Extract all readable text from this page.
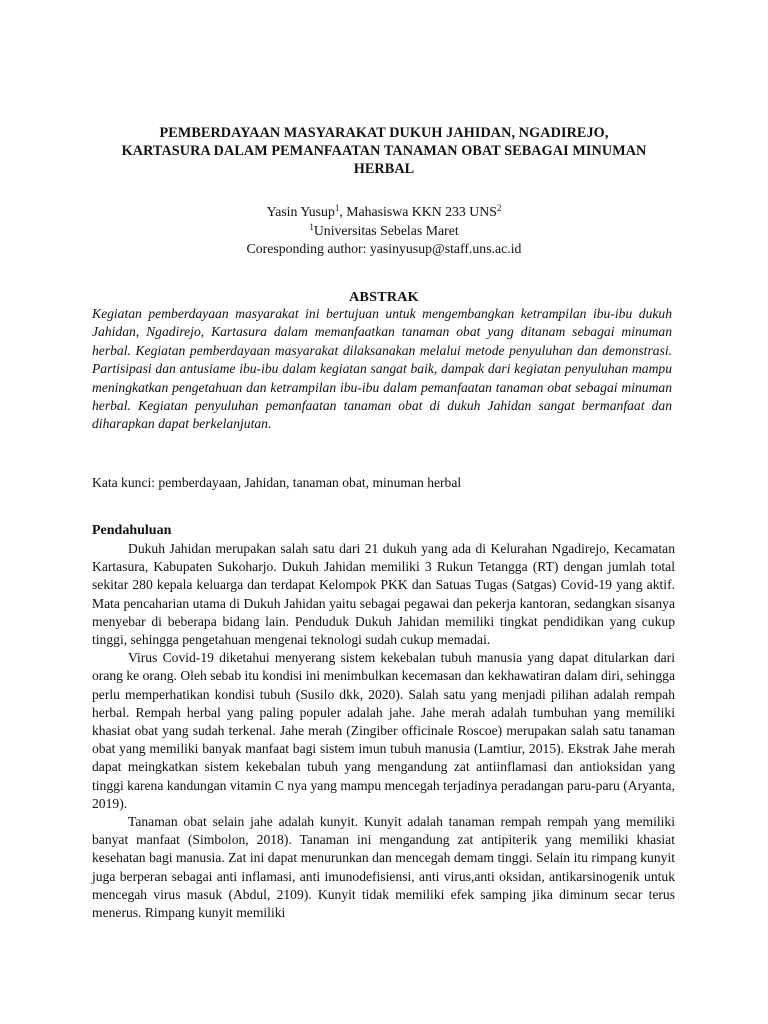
PEMBERDAYAAN MASYARAKAT DUKUH JAHIDAN, NGADIREJO,
KARTASURA DALAM PEMANFAATAN TANAMAN OBAT SEBAGAI MINUMAN
HERBAL
Yasin Yusup$^1$, Mahasiswa KKN 233 UNS$^2$
$^1$Universitas Sebelas Maret
Coresponding author: yasinyusup@staff.uns.ac.id
ABSTRAK

Kegiatan pemberdayaan masyarakat ini bertujuan untuk mengembangkan ketrampilan ibu-ibu dukuh Jahidan, Ngadirejo, Kartasura dalam memanfaatkan tanaman obat yang ditanam sebagai minuman herbal. Kegiatan pemberdayaan masyarakat dilaksanakan melalui metode penyuluhan dan demonstrasi. Partisipasi dan antusiame ibu-ibu dalam kegiatan sangat baik, dampak dari kegiatan penyuluhan mampu meningkatkan pengetahuan dan ketrampilan ibu-ibu dalam pemanfaatan tanaman obat sebagai minuman herbal. Kegiatan penyuluhan pemanfaatan tanaman obat di dukuh Jahidan sangat bermanfaat dan diharapkan dapat berkelanjutan.

Kata kunci: pemberdayaan, Jahidan, tanaman obat, minuman herbal
Pendahuluan

Dukuh Jahidan merupakan salah satu dari 21 dukuh yang ada di Kelurahan Ngadirejo, Kecamatan Kartasura, Kabupaten Sukoharjo. Dukuh Jahidan memiliki 3 Rukun Tetangga (RT) dengan jumlah total sekitar 280 kepala keluarga dan terdapat Kelompok PKK dan Satuas Tugas (Satgas) Covid-19 yang aktif. Mata pencaharian utama di Dukuh Jahidan yaitu sebagai pegawai dan pekerja kantoran, sedangkan sisanya menyebar di beberapa bidang lain. Penduduk Dukuh Jahidan memiliki tingkat pendidikan yang cukup tinggi, sehingga pengetahuan mengenai teknologi sudah cukup memadai.

Virus Covid-19 diketahui menyerang sistem kekebalan tubuh manusia yang dapat ditularkan dari orang ke orang. Oleh sebab itu kondisi ini menimbulkan kecemasan dan kekhawatiran dalam diri, sehingga perlu memperhatikan kondisi tubuh (Susilo dkk, 2020). Salah satu yang menjadi pilihan adalah rempah herbal. Rempah herbal yang paling populer adalah jahe. Jahe merah adalah tumbuhan yang memiliki khasiat obat yang sudah terkenal. Jahe merah (Zingiber officinale Roscoe) merupakan salah satu tanaman obat yang memiliki banyak manfaat bagi sistem imun tubuh manusia (Lamtiur, 2015). Ekstrak Jahe merah dapat meingkatkan sistem kekebalan tubuh yang mengandung zat antiinflamasi dan antioksidan yang tinggi karena kandungan vitamin C nya yang mampu mencegah terjadinya peradangan paru-paru (Aryanta, 2019).

Tanaman obat selain jahe adalah kunyit. Kunyit adalah tanaman rempah rempah yang memiliki banyat manfaat (Simbolon, 2018). Tanaman ini mengandung zat antipiterik yang memiliki khasiat kesehatan bagi manusia. Zat ini dapat menurunkan dan mencegah demam tinggi. Selain itu rimpang kunyit juga berperan sebagai anti inflamasi, anti imunodefisiensi, anti virus,anti oksidan, antikarsinogenik untuk mencegah virus masuk (Abdul, 2109). Kunyit tidak memiliki efek samping jika diminum secar terus menerus. Rimpang kunyit memiliki
